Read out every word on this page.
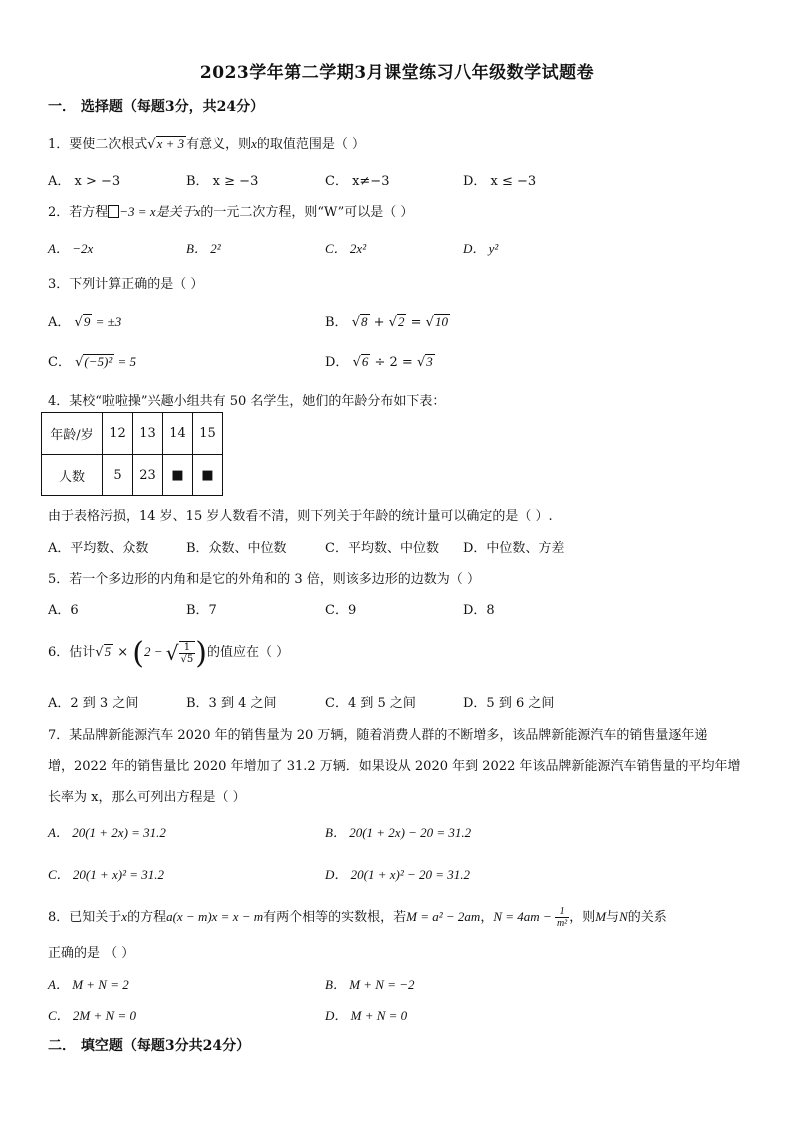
2023学年第二学期3月课堂练习八年级数学试题卷
一． 选择题（每题3分，共24分）
1．要使二次根式√x + 3 有意义，则x的取值范围是（ ）
A． x > −3	B． x ≥ −3	C． x≠−3	D． x ≤ −3
2．若方程 −3 = x是关于x的一元二次方程，则“W”可以是（ ）
A． −2x	B． 2²	C． 2x²	D． y²
3．下列计算正确的是（ ）
A． √9 = ±3	B． √8 + √2 = √10
C． √(−5)² = 5	D． √6 ÷ 2 = √3
4．某校“啦啦操”兴趣小组共有 50 名学生，她们的年龄分布如下表：
年龄/岁	12	13	14	15
人数	5	23	■	■
由于表格污损，14 岁、15 岁人数看不清，则下列关于年龄的统计量可以确定的是（ ）.
A．平均数、众数	B．众数、中位数	C．平均数、中位数 D．中位数、方差
5．若一个多边形的内角和是它的外角和的 3 倍，则该多边形的边数为（ ）
A．6	B．7	C．9	D．8
6．估计√5 × (2 − √ $\frac{1}{√5}$ )的值应在（ ）
A．2 到 3 之间	B．3 到 4 之间	C．4 到 5 之间	D．5 到 6 之间
7．某品牌新能源汽车 2020 年的销售量为 20 万辆，随着消费人群的不断增多，该品牌新能源汽车的销售量逐年递
增，2022 年的销售量比 2020 年增加了 31.2 万辆．如果设从 2020 年到 2022 年该品牌新能源汽车销售量的平均年增
长率为 x，那么可列出方程是（ ）
A． 20(1 + 2x) = 31.2	B． 20(1 + 2x) − 20 = 31.2
C． 20(1 + x)² = 31.2	D． 20(1 + x)² − 20 = 31.2
8．已知关于x的方程a(x − m)x = x − m有两个相等的实数根，若M = a² − 2am，$N = 4am - \frac{1}{\text{m²}}$ ，则M与N的关系
正确的是 （ ）
A． M + N = 2	B． M + N = −2
C． 2M + N = 0	D． M + N = 0
二． 填空题（每题3分共24分）
